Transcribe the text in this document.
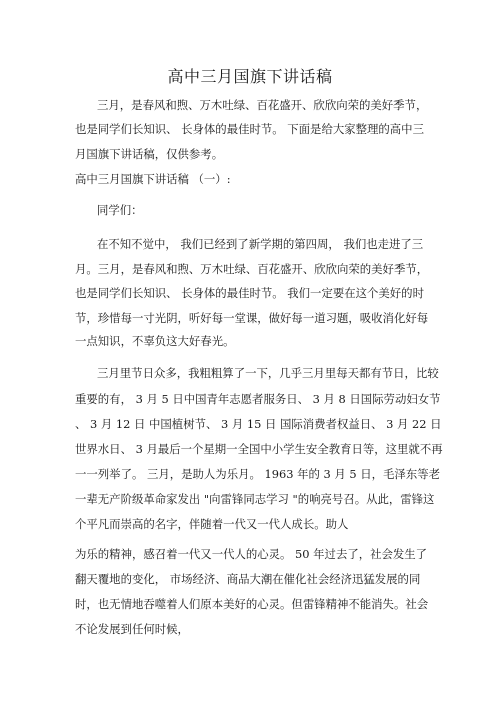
高中三月国旗下讲话稿
三月，是春风和煦、万木吐绿、百花盛开、欣欣向荣的美好季节，
也是同学们长知识、 长身体的最佳时节。 下面是给大家整理的高中三
月国旗下讲话稿，仅供参考。
高中三月国旗下讲话稿 （一）:
同学们：
在不知不觉中， 我们已经到了新学期的第四周， 我们也走进了三
月。三月，是春风和煦、万木吐绿、百花盛开、欣欣向荣的美好季节，
也是同学们长知识、 长身体的最佳时节。 我们一定要在这个美好的时
节，珍惜每一寸光阴，听好每一堂课，做好每一道习题，吸收消化好每
一点知识，不辜负这大好春光。
三月里节日众多，我粗粗算了一下，几乎三月里每天都有节日，比较
重要的有， 3 月 5 日中国青年志愿者服务日、 3 月 8 日国际劳动妇女节
、 3 月 12 日 中国植树节、 3 月 15 日 国际消费者权益日、 3 月 22 日
世界水日、 3 月最后一个星期一全国中小学生安全教育日等，这里就不再
一一列举了。 三月，是助人为乐月。 1963 年的 3 月 5 日，毛泽东等老
一辈无产阶级革命家发出 "向雷锋同志学习 "的响亮号召。从此，雷锋这
个平凡而崇高的名字，伴随着一代又一代人成长。助人
为乐的精神，感召着一代又一代人的心灵。 50 年过去了，社会发生了
翻天覆地的变化， 市场经济、商品大潮在催化社会经济迅猛发展的同
时，也无情地吞噬着人们原本美好的心灵。但雷锋精神不能消失。社会
不论发展到任何时候，
